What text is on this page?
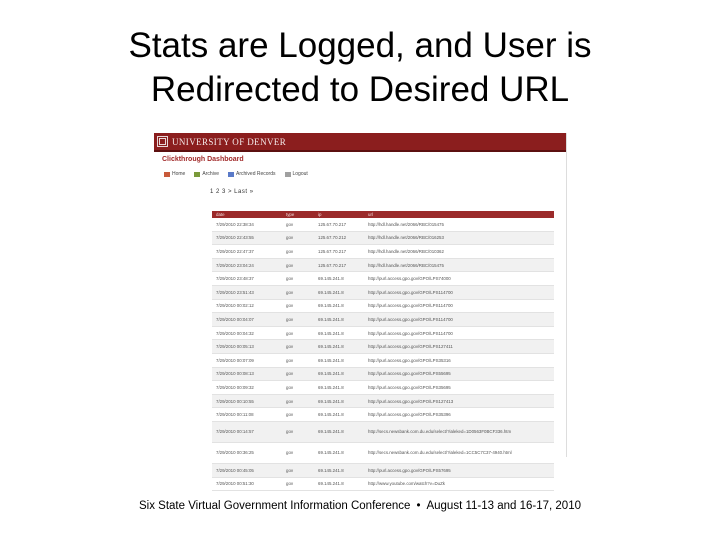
Stats are Logged, and User is
Redirected to Desired URL
UNIVERSITY OF DENVER
Clickthrough Dashboard
Home	Archive	Archived Records	Logout
1 2 3 > Last »
date	type	ip	url
7/29/2010 22:38:34	gov	125.67.70.217	http://hdl.handle.net/2066/RBC/015475
7/29/2010 22:43:55	gov	125.67.70.212	http://hdl.handle.net/2066/RBC/016253
7/29/2010 22:47:37	gov	125.67.70.217	http://hdl.handle.net/2066/RBC/010362
7/29/2010 23:04:24	gov	125.67.70.217	http://hdl.handle.net/2066/RBC/015475
7/29/2010 23:48:37	gov	69.145.241.8	http://purl.access.gpo.gov/GPO/LPS74000
7/29/2010 23:51:43	gov	69.145.241.8	http://purl.access.gpo.gov/GPO/LPS114700
7/29/2010 00:02:12	gov	69.145.241.8	http://purl.access.gpo.gov/GPO/LPS114700
7/29/2010 00:04:07	gov	69.145.241.8	http://purl.access.gpo.gov/GPO/LPS114700
7/29/2010 00:04:32	gov	69.145.241.8	http://purl.access.gpo.gov/GPO/LPS114700
7/29/2010 00:05:13	gov	69.145.241.8	http://purl.access.gpo.gov/GPO/LPS127411
7/29/2010 00:07:09	gov	69.145.241.8	http://purl.access.gpo.gov/GPO/LPS35316
7/29/2010 00:08:13	gov	69.145.241.8	http://purl.access.gpo.gov/GPO/LPS55695
7/29/2010 00:09:32	gov	69.145.241.8	http://purl.access.gpo.gov/GPO/LPS35695
7/29/2010 00:10:55	gov	69.145.241.8	http://purl.access.gpo.gov/GPO/LPS127413
7/29/2010 00:11:08	gov	69.145.241.8	http://purl.access.gpo.gov/GPO/LPS35396
7/29/2010 00:14:57	gov	69.145.241.8	http://secs.newsbank.com.du.edu/select/?ialeked=1D0563F0BCF336.htm
7/29/2010 00:36:25	gov	69.145.241.8	http://secs.newsbank.com.du.edu/select/?ialeked=1CC5C7C37-4940.html
7/29/2010 00:45:05	gov	69.145.241.8	http://purl.access.gpo.gov/GPO/LPS57695
7/29/2010 00:51:30	gov	69.145.241.8	http://www.youtube.com/watch?v=DuZk
Six State Virtual Government Information Conference • August 11-13 and 16-17, 2010
